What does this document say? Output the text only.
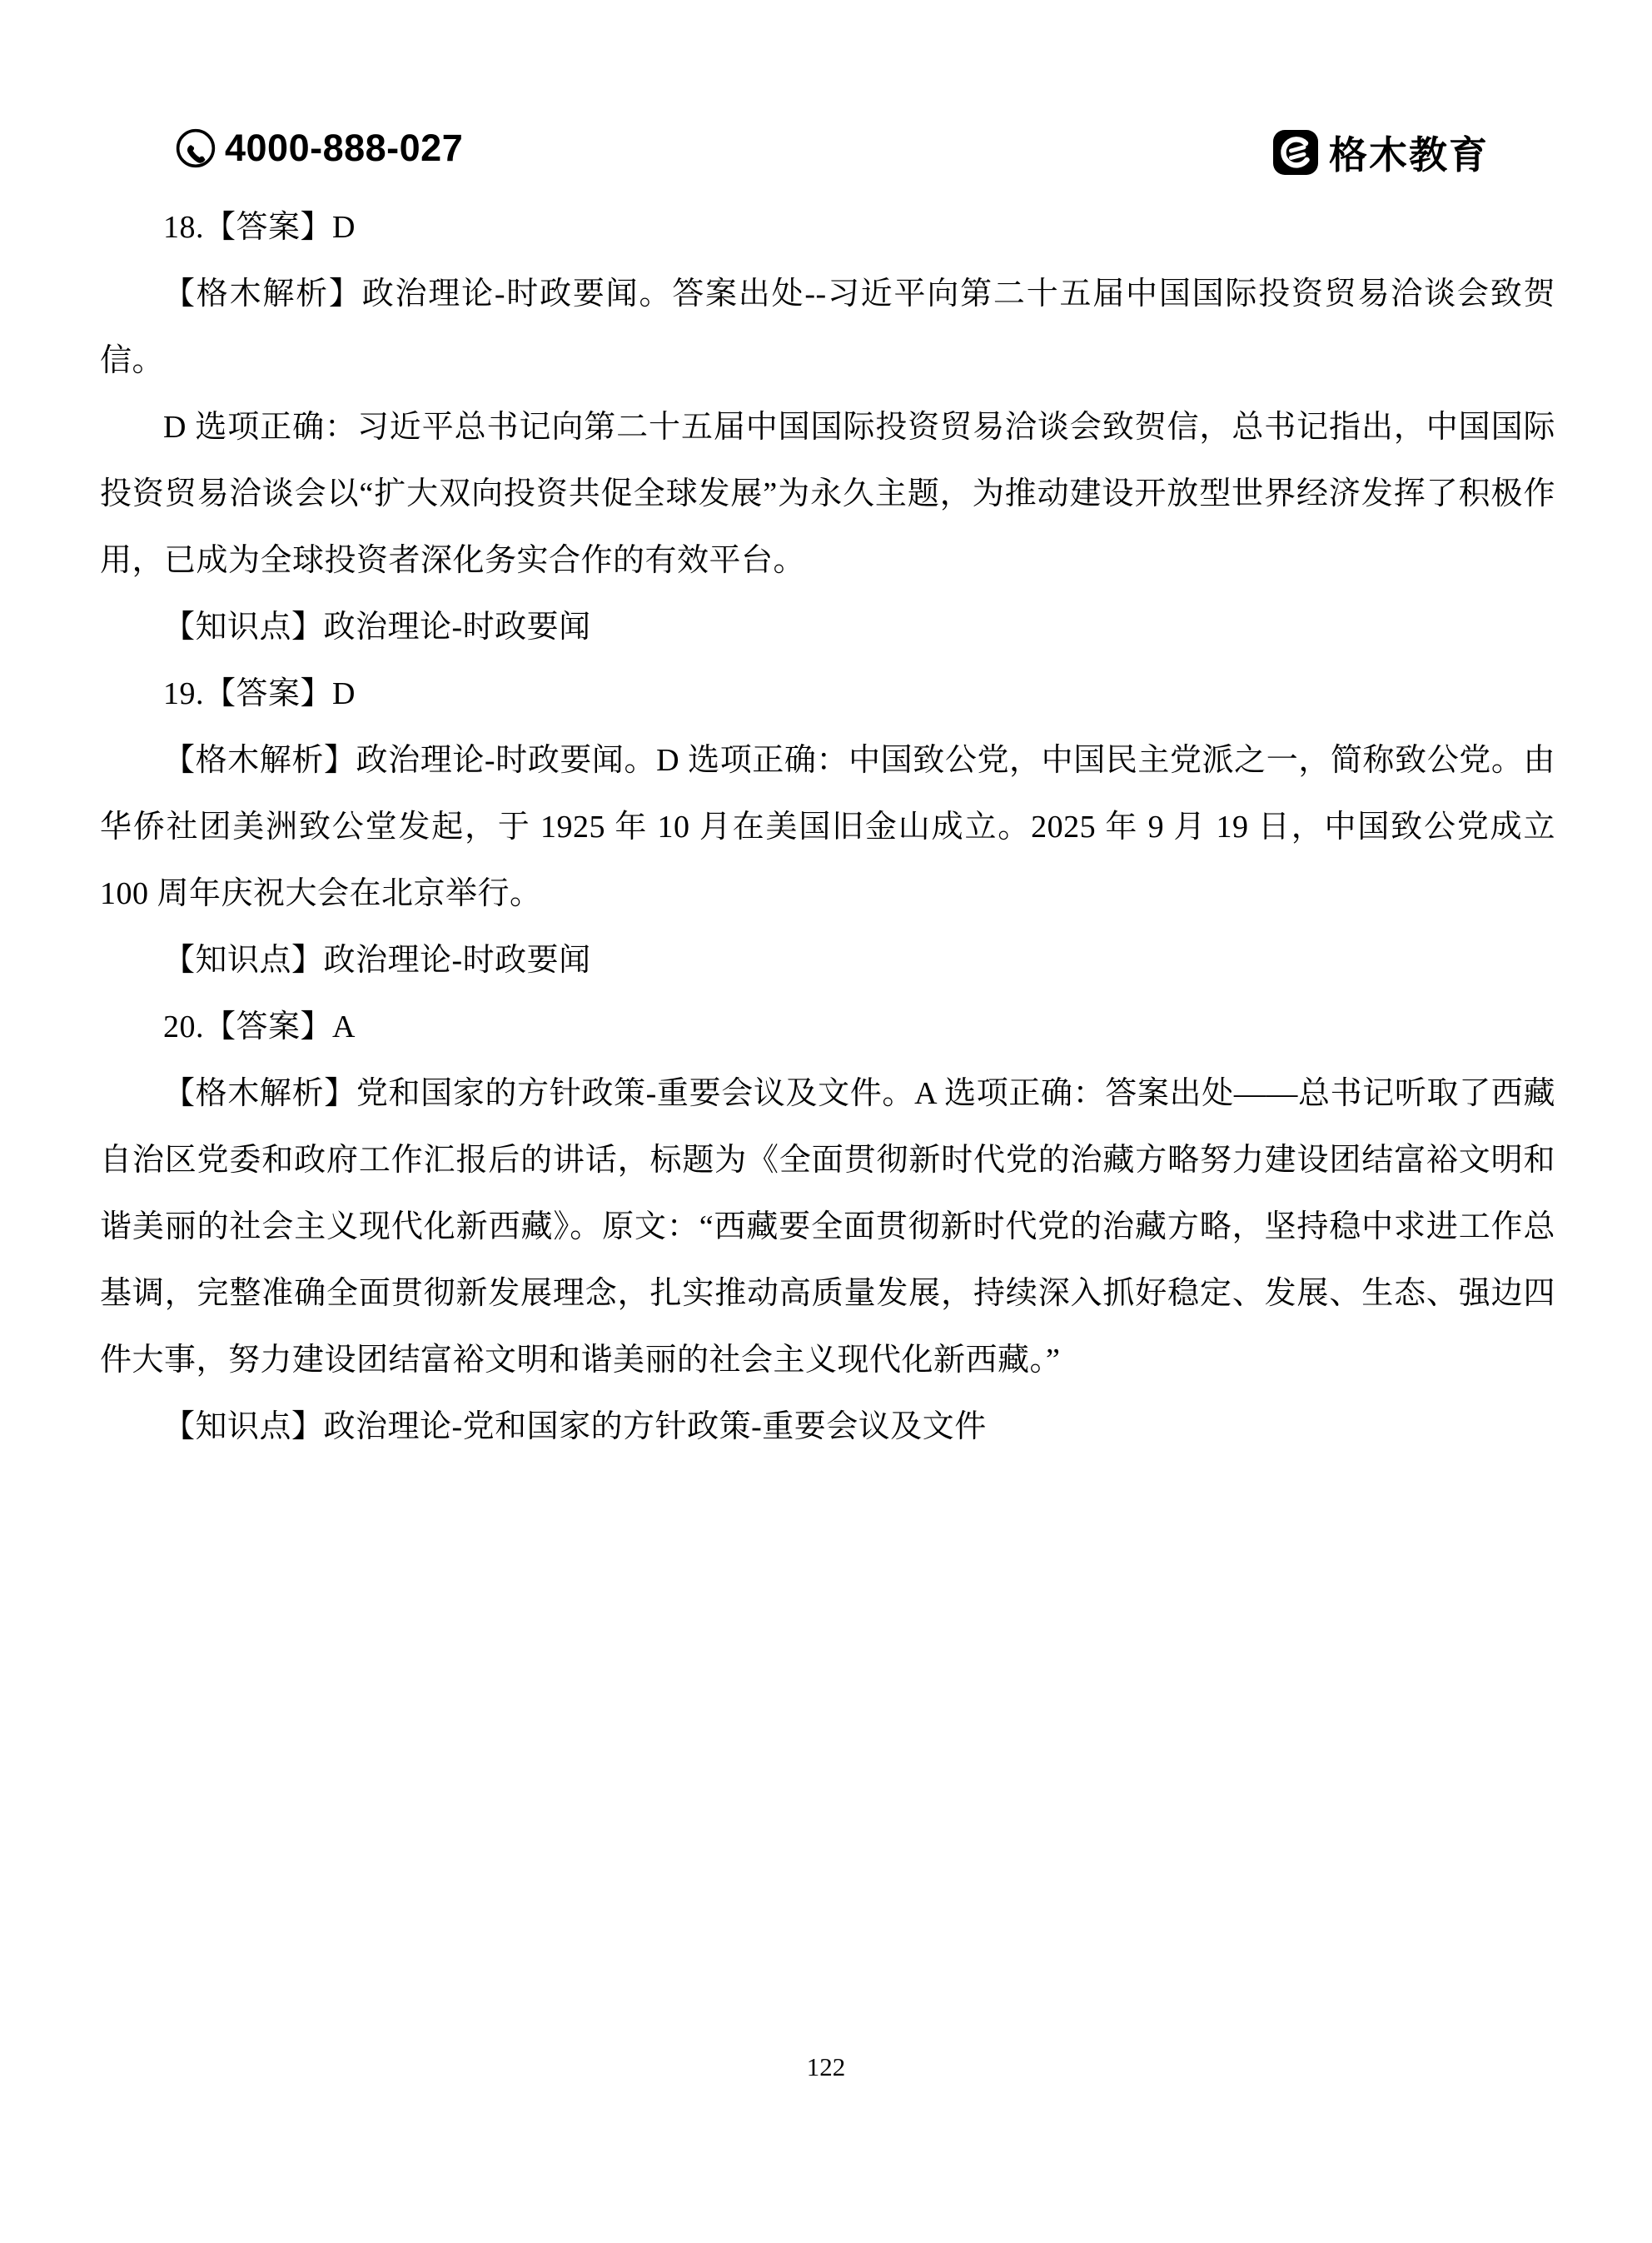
4000-888-027	格木教育

18.【答案】D

【格木解析】政治理论-时政要闻。答案出处--习近平向第二十五届中国国际投资贸易洽谈会致贺信。

D 选项正确：习近平总书记向第二十五届中国国际投资贸易洽谈会致贺信，总书记指出，中国国际投资贸易洽谈会以“扩大双向投资共促全球发展”为永久主题，为推动建设开放型世界经济发挥了积极作用，已成为全球投资者深化务实合作的有效平台。

【知识点】政治理论-时政要闻

19.【答案】D

【格木解析】政治理论-时政要闻。D 选项正确：中国致公党，中国民主党派之一，简称致公党。由华侨社团美洲致公堂发起，于 1925 年 10 月在美国旧金山成立。2025 年 9 月 19 日，中国致公党成立 100 周年庆祝大会在北京举行。

【知识点】政治理论-时政要闻

20.【答案】A

【格木解析】党和国家的方针政策-重要会议及文件。A 选项正确：答案出处——总书记听取了西藏自治区党委和政府工作汇报后的讲话，标题为《全面贯彻新时代党的治藏方略努力建设团结富裕文明和谐美丽的社会主义现代化新西藏》。原文：“西藏要全面贯彻新时代党的治藏方略，坚持稳中求进工作总基调，完整准确全面贯彻新发展理念，扎实推动高质量发展，持续深入抓好稳定、发展、生态、强边四件大事，努力建设团结富裕文明和谐美丽的社会主义现代化新西藏。”

【知识点】政治理论-党和国家的方针政策-重要会议及文件

122
